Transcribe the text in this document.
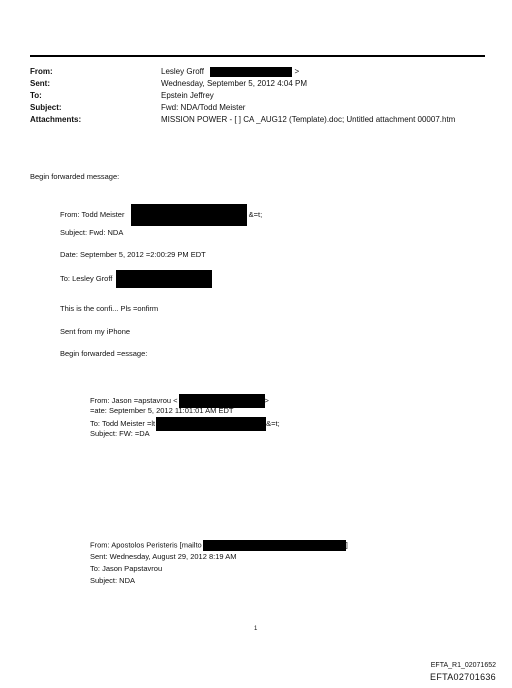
From:	Lesley Groff	>
Sent:	Wednesday, September 5, 2012 4:04 PM
To:	Epstein Jeffrey
Subject:	Fwd: NDA/Todd Meister
Attachments:	MISSION POWER - [ ] CA _AUG12 (Template).doc; Untitled attachment 00007.htm
Begin forwarded message:
From: Todd Meister	&=t;
Subject: Fwd: NDA
Date: September 5, 2012 =2:00:29 PM EDT
To: Lesley Groff
This is the confi... Pls =onfirm
Sent from my iPhone
Begin forwarded =essage:
From: Jason =apstavrou <	>
=ate: September 5, 2012 11:01:01 AM EDT
To: Todd Meister =lt	&=t;
Subject: FW: =DA
From: Apostolos Peristeris [mailto	]
Sent: Wednesday, August 29, 2012 8:19 AM
To: Jason Papstavrou
Subject: NDA
1
EFTA_R1_02071652
EFTA02701636
